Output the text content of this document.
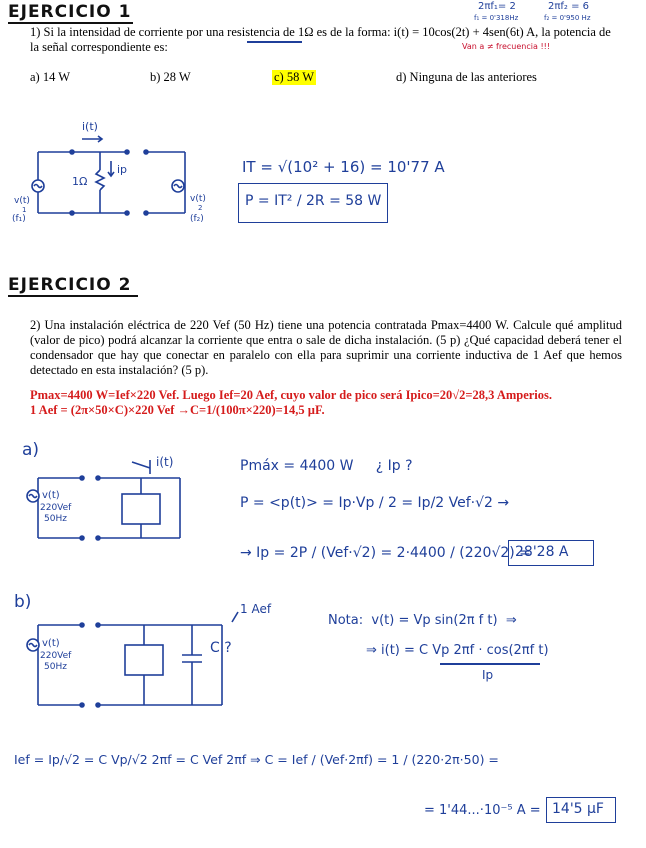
EJERCICIO 1	2πf₁= 2
f₁ = 0'318Hz
2πf₂ = 6
f₂ = 0'950 Hz
1) Si la intensidad de corriente por una resistencia de 1Ω es de la forma: i(t) = 10cos(2t) + 4sen(6t) A, la potencia de la señal correspondiente es:	Van a ≠ frecuencia !!!
a) 14 W	b) 28 W	c) 58 W	d) Ninguna de las anteriores
i(t)
1Ω
ip
v(t)
1
(f₁)
v(t)
2
(f₂)
IT = √(10² + 16) = 10'77 A
P = IT² / 2R = 58 W
EJERCICIO 2
2) Una instalación eléctrica de 220 Vef (50 Hz) tiene una potencia contratada Pmax=4400 W. Calcule qué amplitud (valor de pico) podrá alcanzar la corriente que entra o sale de dicha instalación. (5 p) ¿Qué capacidad deberá tener el condensador que hay que conectar en paralelo con ella para suprimir una corriente inductiva de 1 Aef que hemos detectado en esta instalación? (5 p).
Pmax=4400 W=Ief×220 Vef. Luego Ief=20 Aef, cuyo valor de pico será Ipico=20√2=28,3 Amperios.
1 Aef = (2π×50×C)×220 Vef →C=1/(100π×220)=14,5 µF.
a)
i(t)
v(t)
220Vef
50Hz
Pmáx = 4400 W     ¿ Ip ?
P = <p(t)> = Ip·Vp / 2 = Ip/2 Vef·√2 →
→ Ip = 2P / (Vef·√2) = 2·4400 / (220√2) =
28'28 A
b)	1 Aef
C ?
v(t)
220Vef
50Hz
Nota:  v(t) = Vp sin(2π f t)  ⇒
⇒ i(t) = C Vp 2πf · cos(2πf t)
Ip
Ief = Ip/√2 = C Vp/√2 2πf = C Vef 2πf ⇒ C = Ief / (Vef·2πf) = 1 / (220·2π·50) =
= 1'44...·10⁻⁵ A = 14'5 µF
